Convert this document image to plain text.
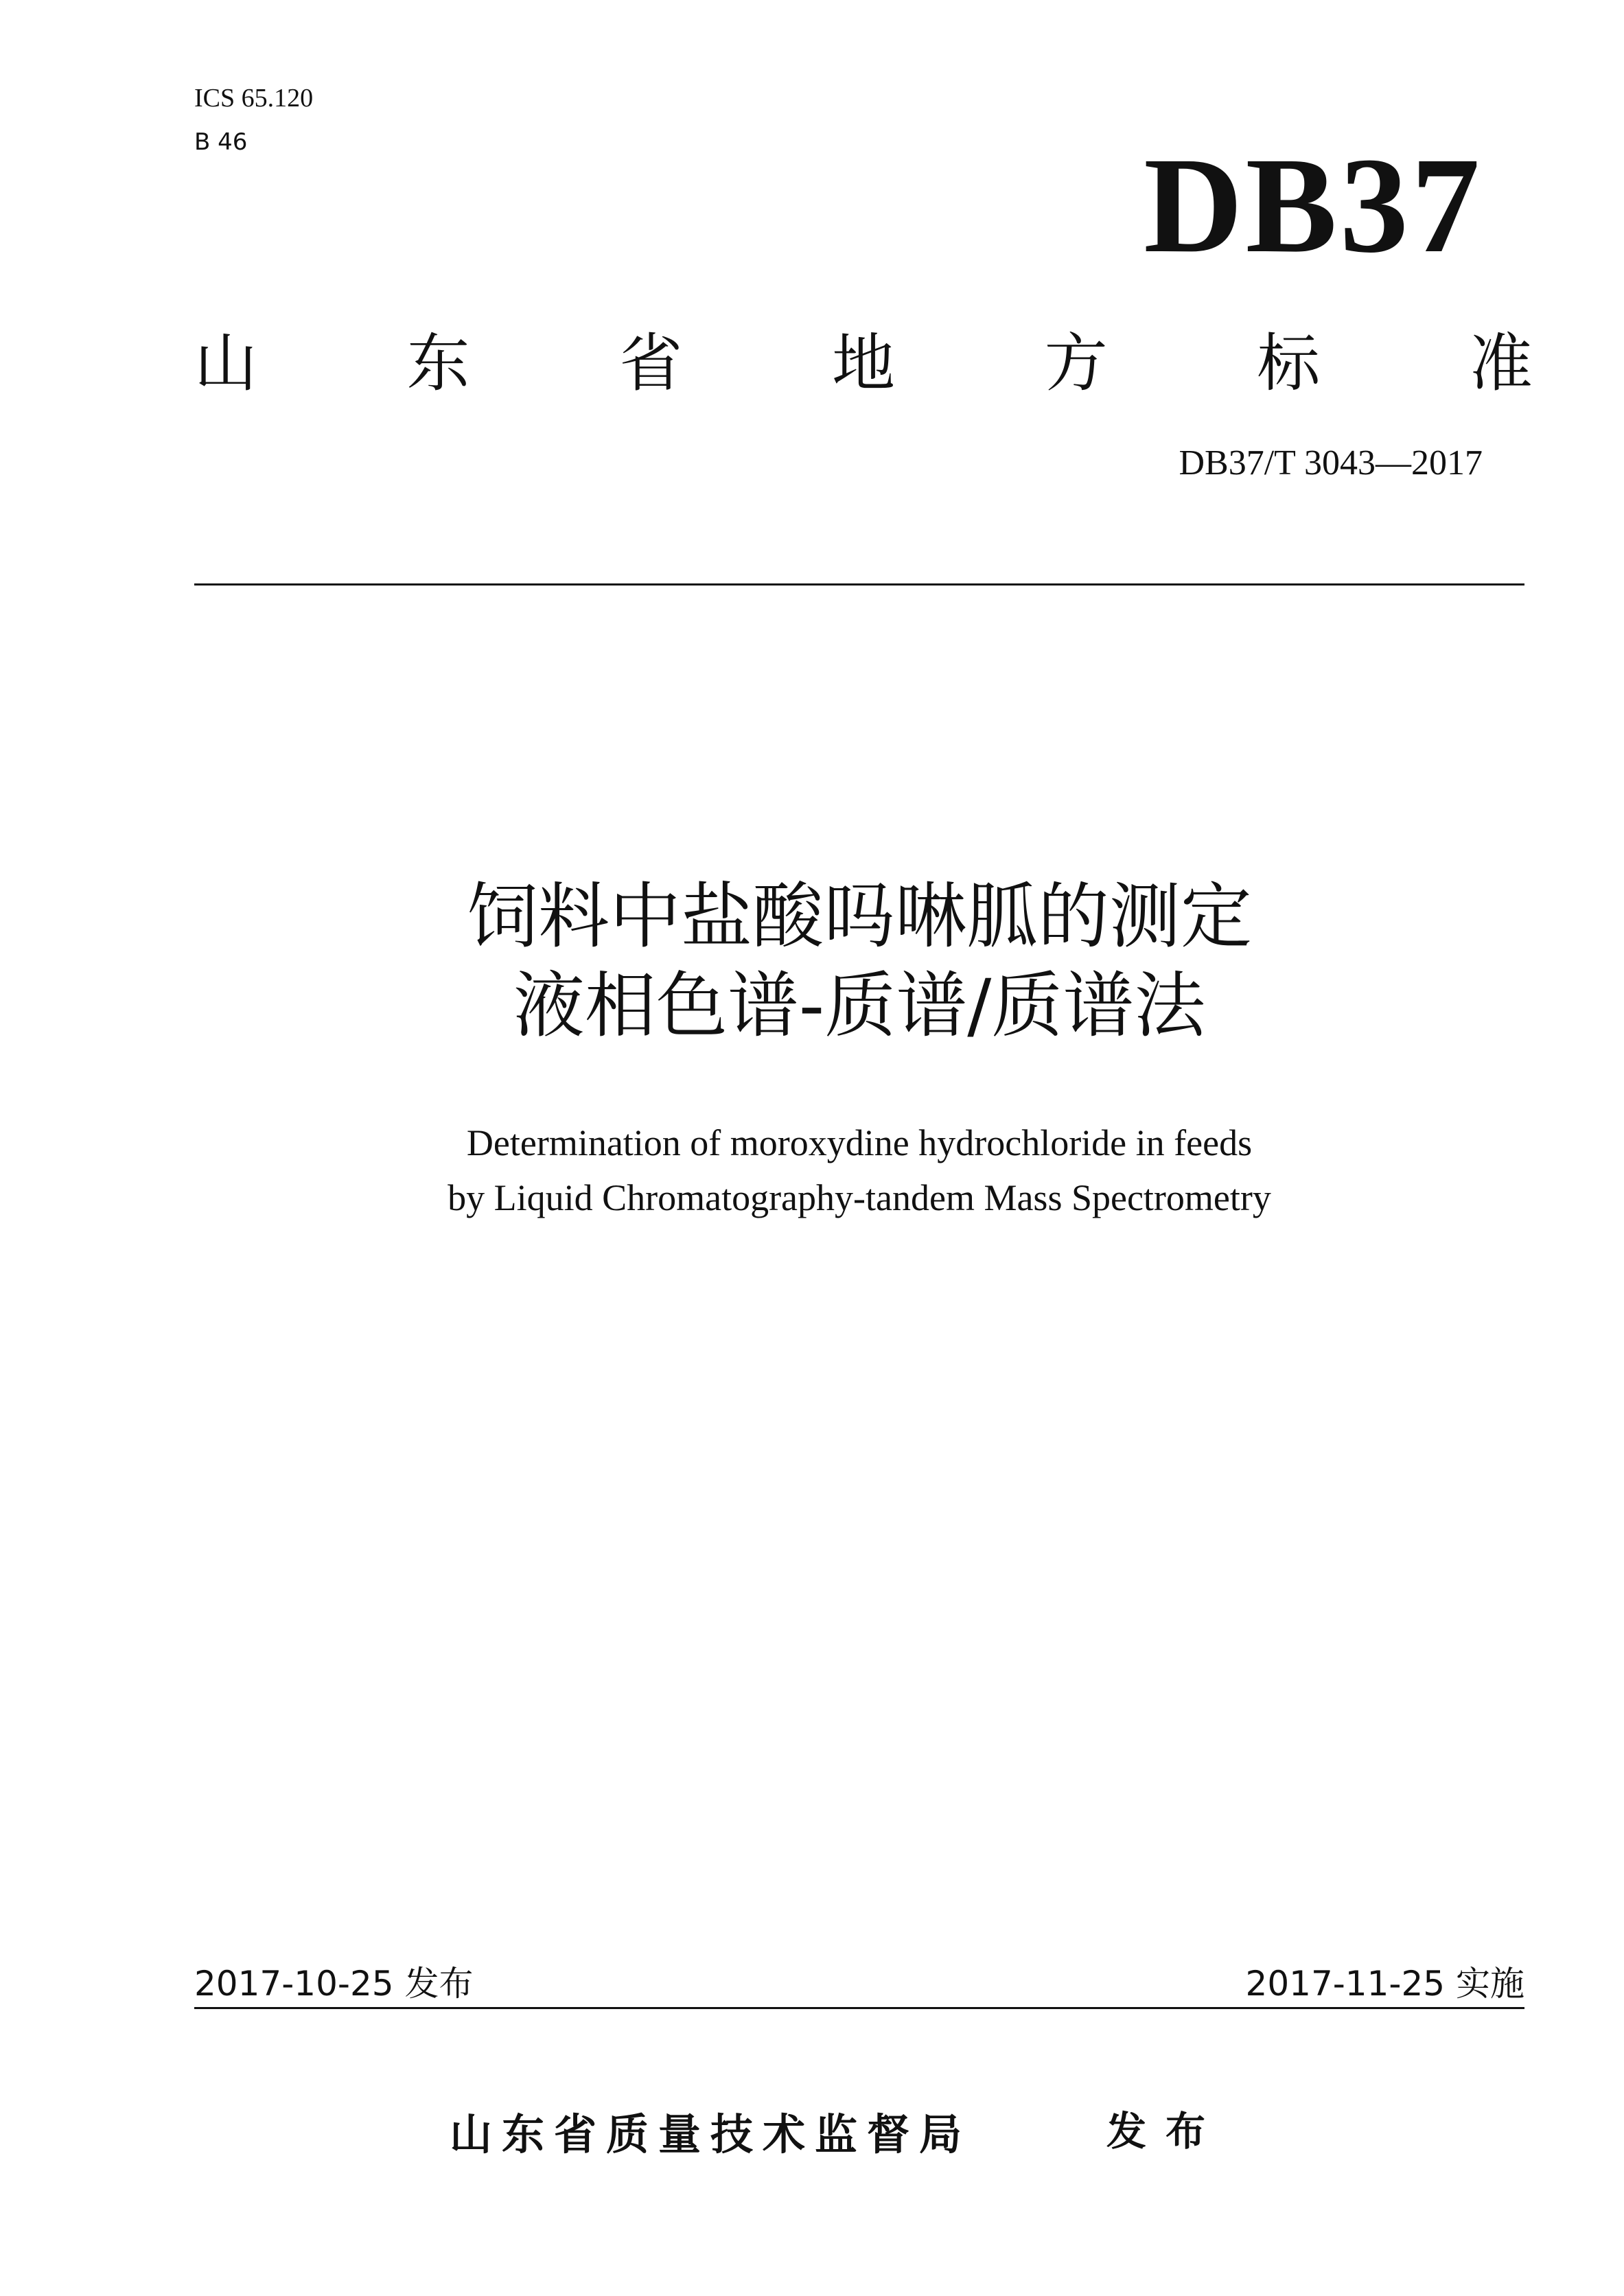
ICS 65.120
B 46	DB37
山 东 省 地 方 标 准
DB37/T 3043—2017
饲料中盐酸吗啉胍的测定
液相色谱-质谱/质谱法
Determination of moroxydine hydrochloride in feeds
by Liquid Chromatography-tandem Mass Spectrometry
2017-10-25 发布	2017-11-25 实施
山东省质量技术监督局	发布
